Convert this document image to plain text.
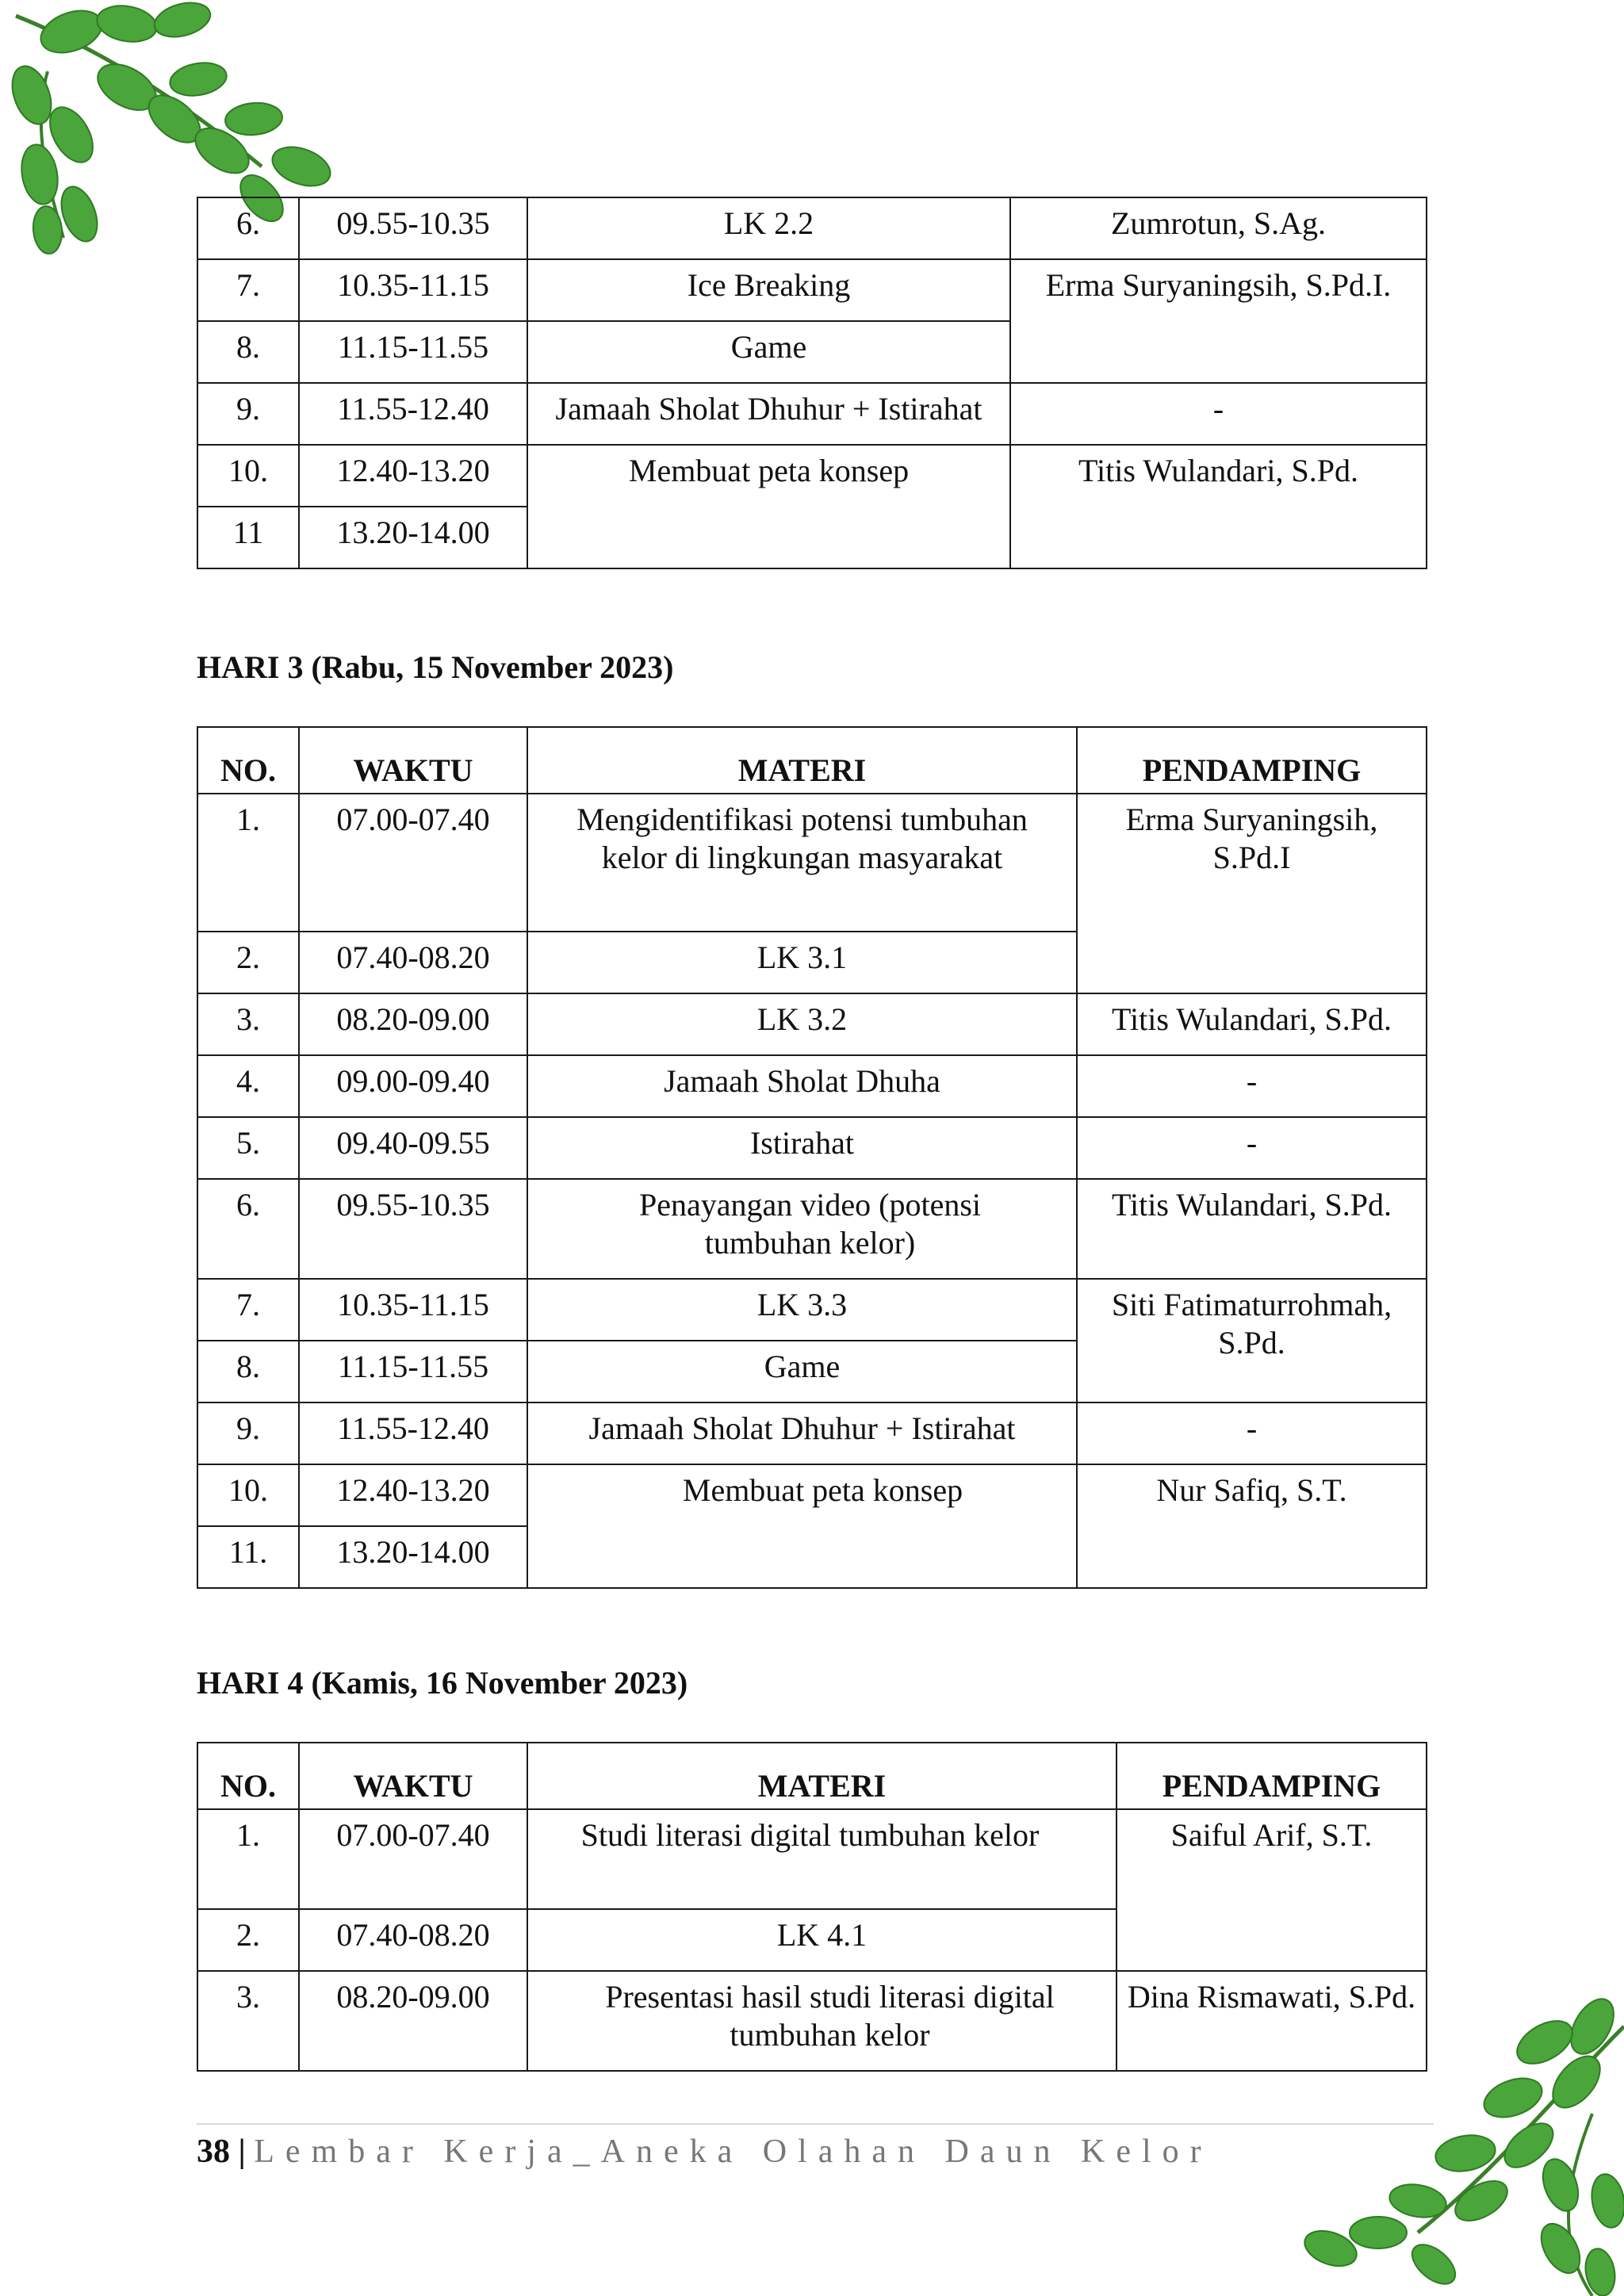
6.	09.55-10.35	LK 2.2	Zumrotun, S.Ag.
7.	10.35-11.15	Ice Breaking	Erma Suryaningsih, S.Pd.I.
8.	11.15-11.55	Game	
9.	11.55-12.40	Jamaah Sholat Dhuhur + Istirahat	-
10.	12.40-13.20	Membuat peta konsep	Titis Wulandari, S.Pd.
11	13.20-14.00		
HARI 3 (Rabu, 15 November 2023)
NO.	WAKTU	MATERI	PENDAMPING
1.	07.00-07.40	Mengidentifikasi potensi tumbuhan kelor di lingkungan masyarakat	Erma Suryaningsih, S.Pd.I
2.	07.40-08.20	LK 3.1	
3.	08.20-09.00	LK 3.2	Titis Wulandari, S.Pd.
4.	09.00-09.40	Jamaah Sholat Dhuha	-
5.	09.40-09.55	Istirahat	-
6.	09.55-10.35	Penayangan video (potensi tumbuhan kelor)	Titis Wulandari, S.Pd.
7.	10.35-11.15	LK 3.3	Siti Fatimaturrohmah, S.Pd.
8.	11.15-11.55	Game	
9.	11.55-12.40	Jamaah Sholat Dhuhur + Istirahat	-
10.	12.40-13.20	Membuat peta konsep	Nur Safiq, S.T.
11.	13.20-14.00		
HARI 4 (Kamis, 16 November 2023)
NO.	WAKTU	MATERI	PENDAMPING
1.	07.00-07.40	Studi literasi digital tumbuhan kelor	Saiful Arif, S.T.
2.	07.40-08.20	LK 4.1	
3.	08.20-09.00	Presentasi hasil studi literasi digital tumbuhan kelor	Dina Rismawati, S.Pd.
38 | Lembar Kerja_Aneka Olahan Daun Kelor
